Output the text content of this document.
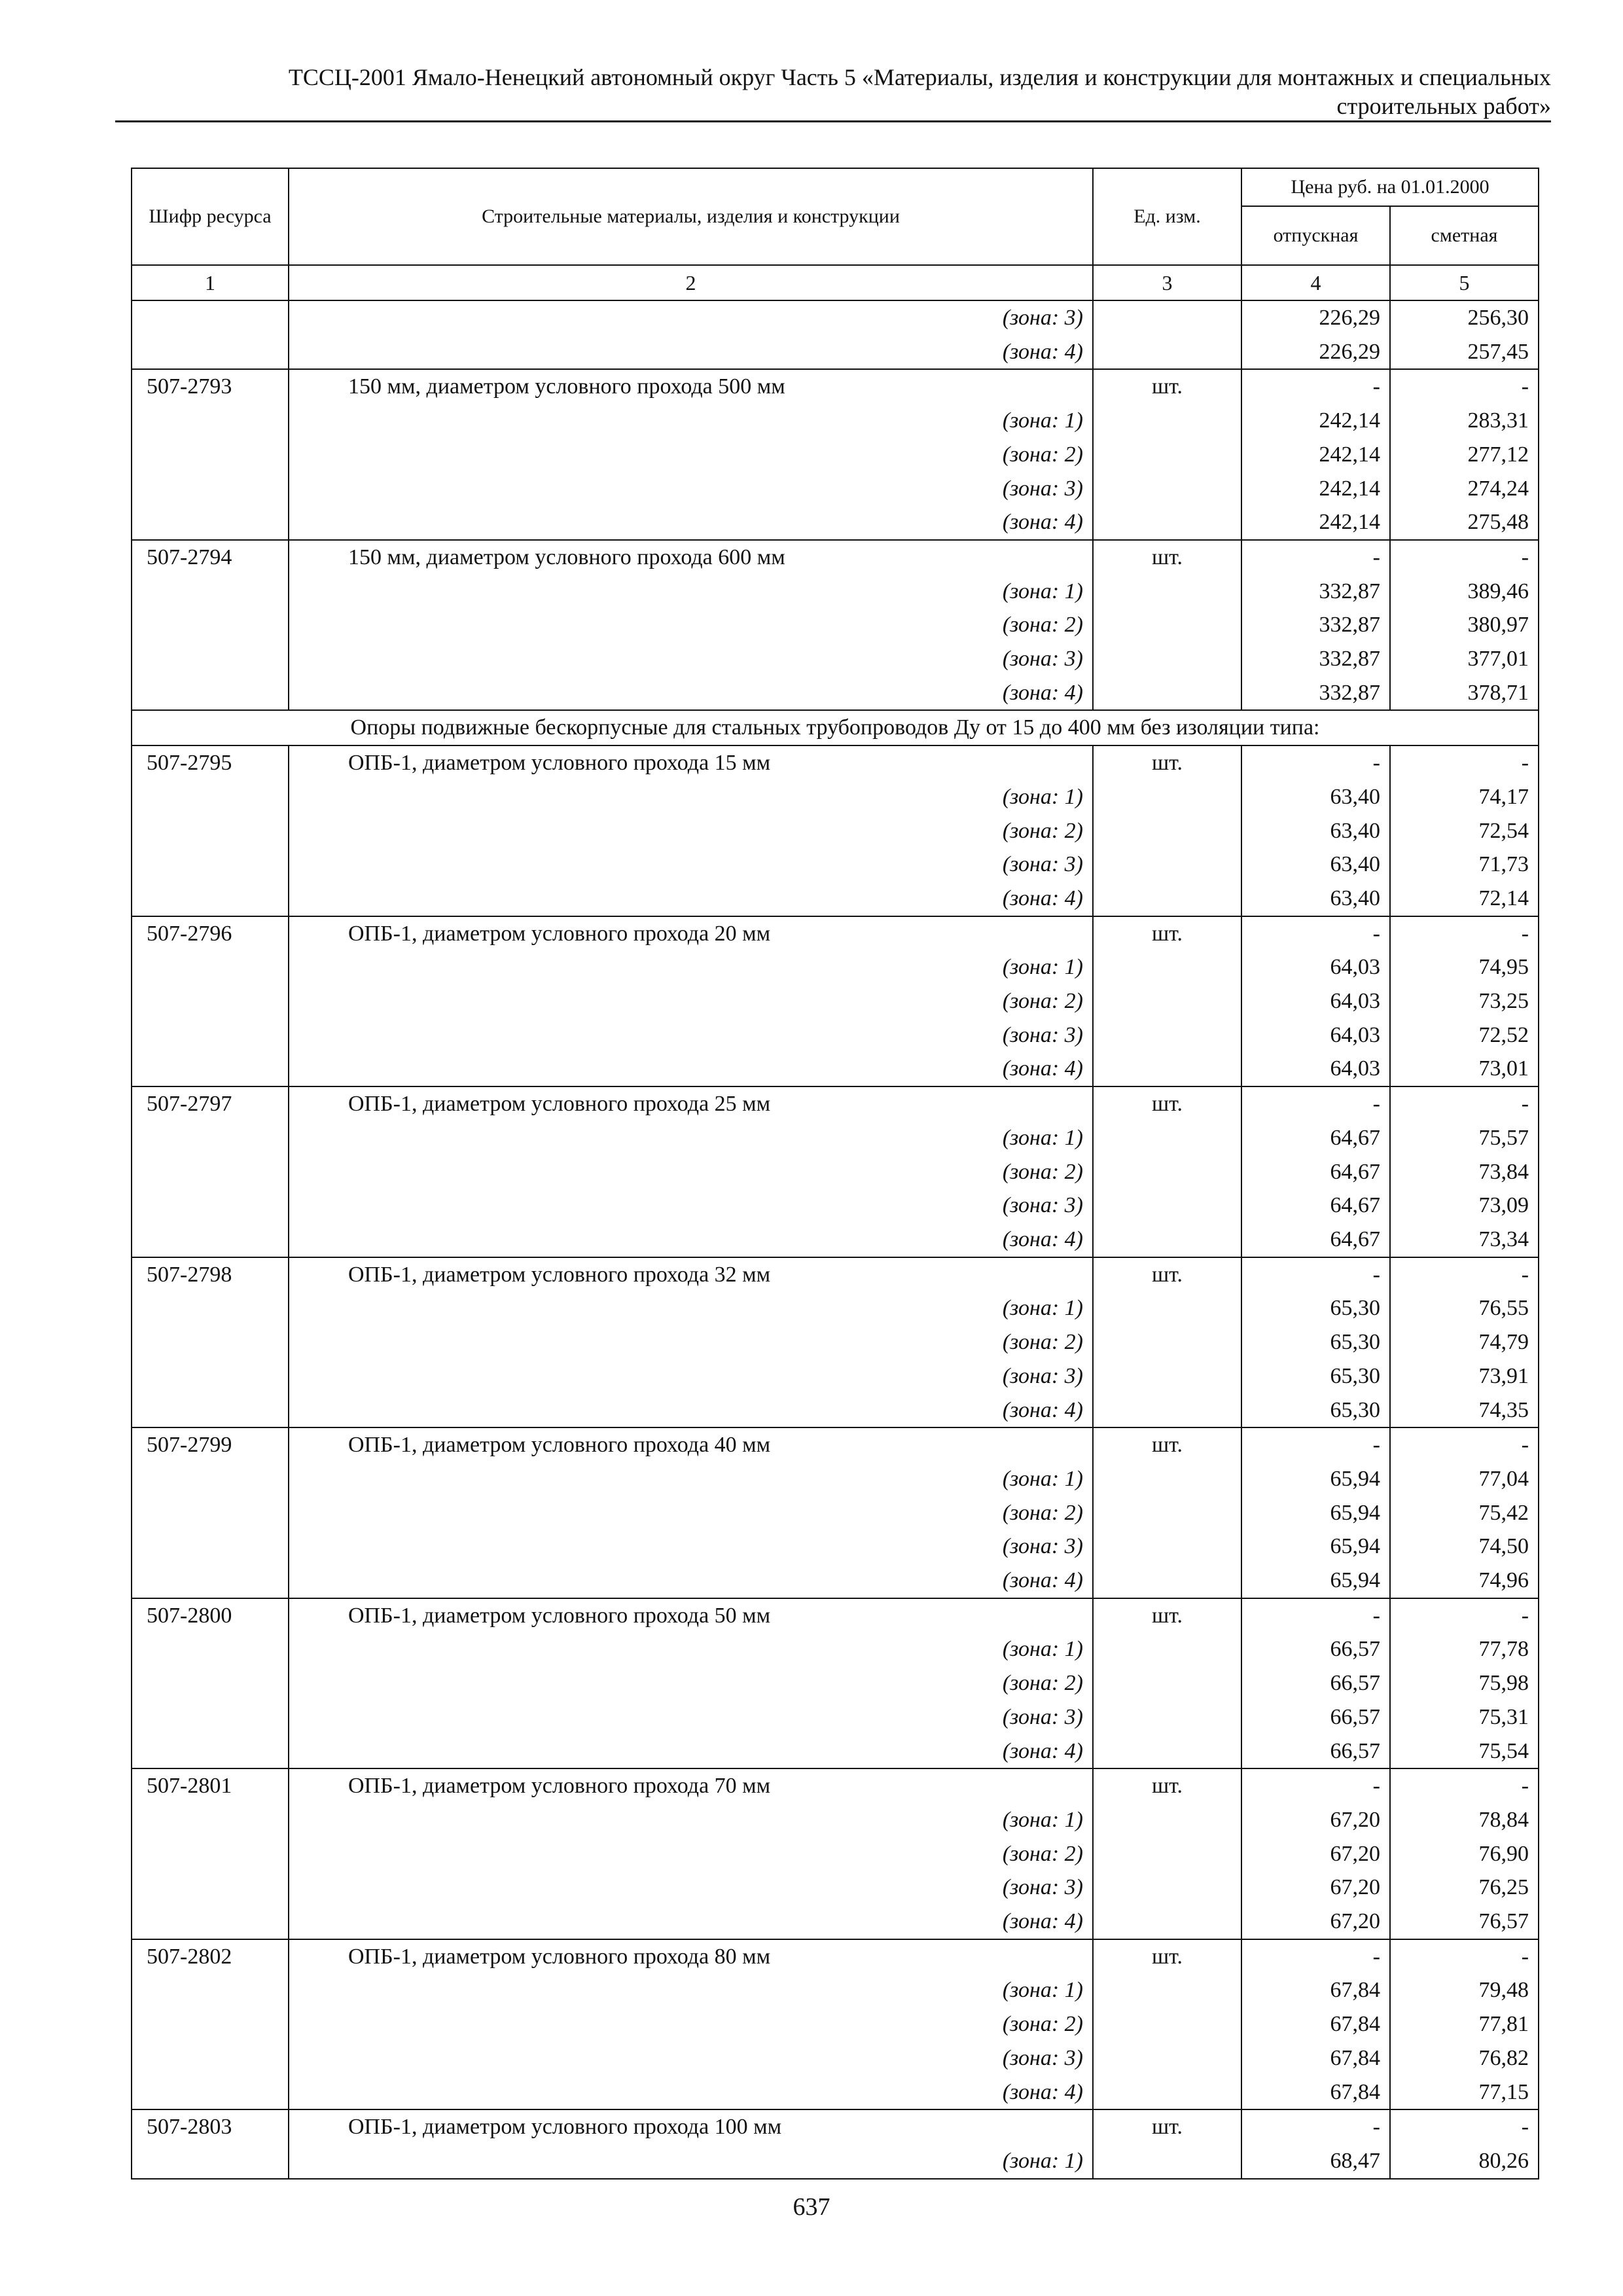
ТССЦ-2001 Ямало-Ненецкий автономный округ Часть 5 «Материалы, изделия и конструкции для монтажных и специальных
строительных работ»
Шифр ресурса	Строительные материалы, изделия и конструкции	Ед. изм.	Цена руб. на 01.01.2000	
			отпускная	сметная
1	2	3	4	5
	(зона: 3)		226,29	256,30
	(зона: 4)		226,29	257,45
507-2793	150 мм, диаметром условного прохода 500 мм	шт.	-	-
	(зона: 1)		242,14	283,31
	(зона: 2)		242,14	277,12
	(зона: 3)		242,14	274,24
	(зона: 4)		242,14	275,48
507-2794	150 мм, диаметром условного прохода 600 мм	шт.	-	-
	(зона: 1)		332,87	389,46
	(зона: 2)		332,87	380,97
	(зона: 3)		332,87	377,01
	(зона: 4)		332,87	378,71
Опоры подвижные бескорпусные для стальных трубопроводов Ду от 15 до 400 мм без изоляции типа:				
507-2795	ОПБ-1, диаметром условного прохода 15 мм	шт.	-	-
	(зона: 1)		63,40	74,17
	(зона: 2)		63,40	72,54
	(зона: 3)		63,40	71,73
	(зона: 4)		63,40	72,14
507-2796	ОПБ-1, диаметром условного прохода 20 мм	шт.	-	-
	(зона: 1)		64,03	74,95
	(зона: 2)		64,03	73,25
	(зона: 3)		64,03	72,52
	(зона: 4)		64,03	73,01
507-2797	ОПБ-1, диаметром условного прохода 25 мм	шт.	-	-
	(зона: 1)		64,67	75,57
	(зона: 2)		64,67	73,84
	(зона: 3)		64,67	73,09
	(зона: 4)		64,67	73,34
507-2798	ОПБ-1, диаметром условного прохода 32 мм	шт.	-	-
	(зона: 1)		65,30	76,55
	(зона: 2)		65,30	74,79
	(зона: 3)		65,30	73,91
	(зона: 4)		65,30	74,35
507-2799	ОПБ-1, диаметром условного прохода 40 мм	шт.	-	-
	(зона: 1)		65,94	77,04
	(зона: 2)		65,94	75,42
	(зона: 3)		65,94	74,50
	(зона: 4)		65,94	74,96
507-2800	ОПБ-1, диаметром условного прохода 50 мм	шт.	-	-
	(зона: 1)		66,57	77,78
	(зона: 2)		66,57	75,98
	(зона: 3)		66,57	75,31
	(зона: 4)		66,57	75,54
507-2801	ОПБ-1, диаметром условного прохода 70 мм	шт.	-	-
	(зона: 1)		67,20	78,84
	(зона: 2)		67,20	76,90
	(зона: 3)		67,20	76,25
	(зона: 4)		67,20	76,57
507-2802	ОПБ-1, диаметром условного прохода 80 мм	шт.	-	-
	(зона: 1)		67,84	79,48
	(зона: 2)		67,84	77,81
	(зона: 3)		67,84	76,82
	(зона: 4)		67,84	77,15
507-2803	ОПБ-1, диаметром условного прохода 100 мм	шт.	-	-
	(зона: 1)		68,47	80,26
637
